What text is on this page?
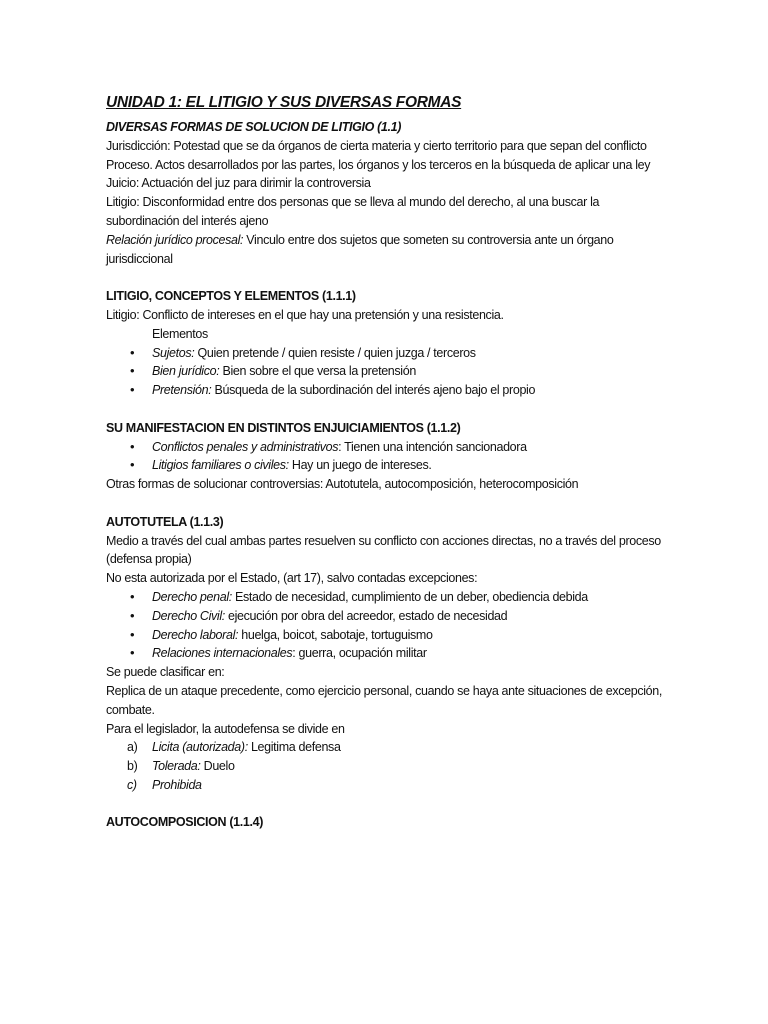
UNIDAD 1: EL LITIGIO Y SUS DIVERSAS FORMAS

DIVERSAS FORMAS DE SOLUCION DE LITIGIO (1.1)

Jurisdicción: Potestad que se da órganos de cierta materia y cierto territorio para que sepan del conflicto

Proceso. Actos desarrollados por las partes, los órganos y los terceros en la búsqueda de aplicar una ley

Juicio: Actuación del juz para dirimir la controversia

Litigio: Disconformidad entre dos personas que se lleva al mundo del derecho, al una buscar la subordinación del interés ajeno

Relación jurídico procesal: Vinculo entre dos sujetos que someten su controversia ante un órgano jurisdiccional

LITIGIO, CONCEPTOS Y ELEMENTOS (1.1.1)

Litigio: Conflicto de intereses en el que hay una pretensión y una resistencia.

Elementos

• Sujetos: Quien pretende / quien resiste / quien juzga / terceros
• Bien jurídico: Bien sobre el que versa la pretensión
• Pretensión: Búsqueda de la subordinación del interés ajeno bajo el propio

SU MANIFESTACION EN DISTINTOS ENJUICIAMIENTOS (1.1.2)

• Conflictos penales y administrativos: Tienen una intención sancionadora
• Litigios familiares o civiles: Hay un juego de intereses.

Otras formas de solucionar controversias: Autotutela, autocomposición, heterocomposición

AUTOTUTELA (1.1.3)

Medio a través del cual ambas partes resuelven su conflicto con acciones directas, no a través del proceso (defensa propia)

No esta autorizada por el Estado, (art 17), salvo contadas excepciones:

• Derecho penal: Estado de necesidad, cumplimiento de un deber, obediencia debida
• Derecho Civil: ejecución por obra del acreedor, estado de necesidad
• Derecho laboral: huelga, boicot, sabotaje, tortuguismo
• Relaciones internacionales: guerra, ocupación militar

Se puede clasificar en:

Replica de un ataque precedente, como ejercicio personal, cuando se haya ante situaciones de excepción, combate.

Para el legislador, la autodefensa se divide en

a) Licita (autorizada): Legitima defensa
b) Tolerada: Duelo
c) Prohibida

AUTOCOMPOSICION (1.1.4)
